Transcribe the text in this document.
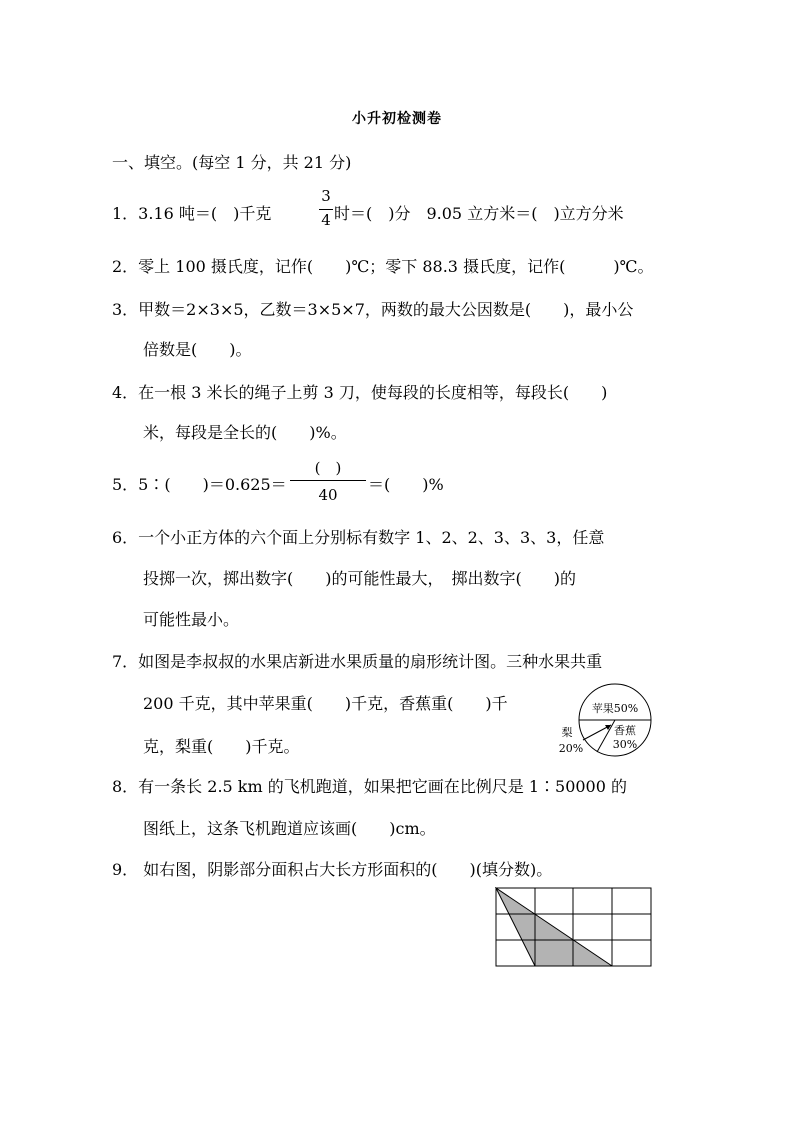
小升初检测卷
一、填空。(每空 1 分，共 21 分)
1．3.16 吨＝(　)千克
3
4 时＝(　)分　9.05 立方米＝(　)立方分米
2．零上 100 摄氏度，记作(　　)℃；零下 88.3 摄氏度，记作(　　　)℃。
3．甲数＝2×3×5，乙数＝3×5×7，两数的最大公因数是(　　)，最小公
倍数是(　　)。
4．在一根 3 米长的绳子上剪 3 刀，使每段的长度相等，每段长(　　)
米，每段是全长的(　　)%。
5．5∶(　　)＝0.625＝
(　)
40
＝(　　)%
6．一个小正方体的六个面上分别标有数字 1、2、2、3、3、3，任意
投掷一次，掷出数字(　　)的可能性最大，　掷出数字(　　)的
可能性最小。
7．如图是李叔叔的水果店新进水果质量的扇形统计图。三种水果共重
200 千克，其中苹果重(　　)千克，香蕉重(　　)千
克，梨重(　　)千克。
苹果50%
香蕉
30%
梨
20%
8．有一条长 2.5 km 的飞机跑道，如果把它画在比例尺是 1∶50000 的
图纸上，这条飞机跑道应该画(　　)cm。
9． 如右图，阴影部分面积占大长方形面积的(　　)(填分数)。
